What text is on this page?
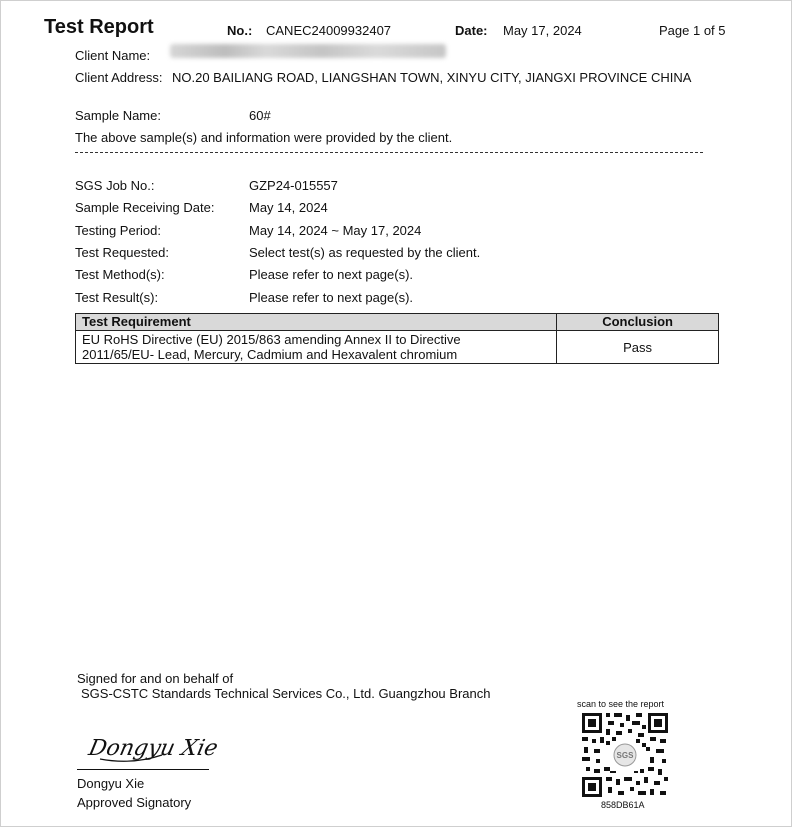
Test Report	No.: CANEC24009932407	Date: May 17, 2024	Page 1 of 5
Client Name:
Client Address: NO.20 BAILIANG ROAD, LIANGSHAN TOWN, XINYU CITY, JIANGXI PROVINCE CHINA
Sample Name:	60#
The above sample(s) and information were provided by the client.
SGS Job No.:	GZP24-015557
Sample Receiving Date:	May 14, 2024
Testing Period:	May 14, 2024 ~ May 17, 2024
Test Requested:	Select test(s) as requested by the client.
Test Method(s):	Please refer to next page(s).
Test Result(s):	Please refer to next page(s).
Test Requirement	Conclusion

EU RoHS Directive (EU) 2015/863 amending Annex II to Directive
2011/65/EU- Lead, Mercury, Cadmium and Hexavalent chromium	Pass
Signed for and on behalf of
SGS-CSTC Standards Technical Services Co., Ltd. Guangzhou Branch
Dongyu Xie
Dongyu Xie
Approved Signatory
scan to see the report
SGS
858DB61A
